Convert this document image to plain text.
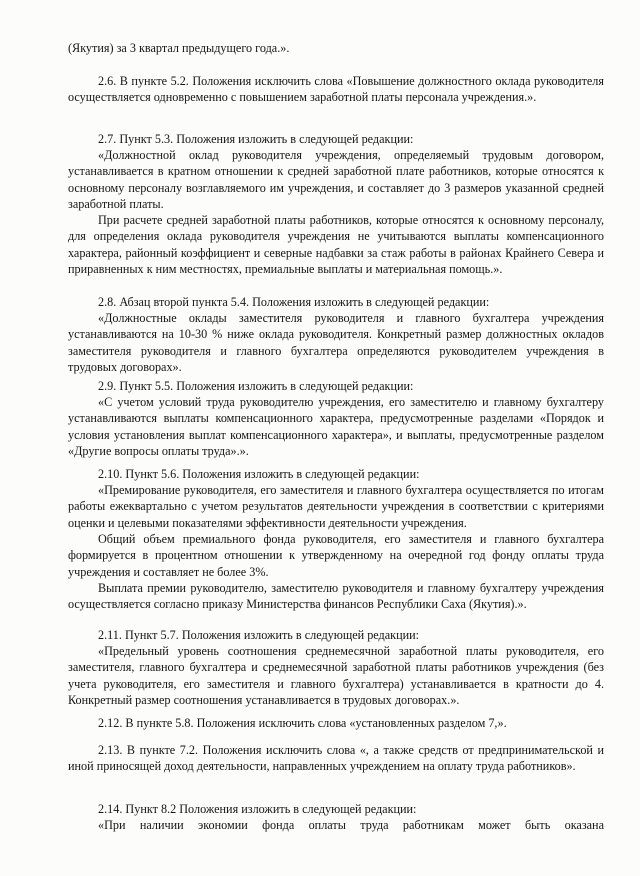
(Якутия) за 3 квартал предыдущего года.».

2.6. В пункте 5.2. Положения исключить слова «Повышение должностного оклада руководителя осуществляется одновременно с повышением заработной платы персонала учреждения.».

2.7. Пункт 5.3. Положения изложить в следующей редакции:

«Должностной оклад руководителя учреждения, определяемый трудовым договором, устанавливается в кратном отношении к средней заработной плате работников, которые относятся к основному персоналу возглавляемого им учреждения, и составляет до 3 размеров указанной средней заработной платы.

При расчете средней заработной платы работников, которые относятся к основному персоналу, для определения оклада руководителя учреждения не учитываются выплаты компенсационного характера, районный коэффициент и северные надбавки за стаж работы в районах Крайнего Севера и приравненных к ним местностях, премиальные выплаты и материальная помощь.».

2.8. Абзац второй пункта 5.4. Положения изложить в следующей редакции:

«Должностные оклады заместителя руководителя и главного бухгалтера учреждения устанавливаются на 10-30 % ниже оклада руководителя. Конкретный размер должностных окладов заместителя руководителя и главного бухгалтера определяются руководителем учреждения в трудовых договорах».

2.9. Пункт 5.5. Положения изложить в следующей редакции:

«С учетом условий труда руководителю учреждения, его заместителю и главному бухгалтеру устанавливаются выплаты компенсационного характера, предусмотренные разделами «Порядок и условия установления выплат компенсационного характера», и выплаты, предусмотренные разделом «Другие вопросы оплаты труда».».

2.10. Пункт 5.6. Положения изложить в следующей редакции:

«Премирование руководителя, его заместителя и главного бухгалтера осуществляется по итогам работы ежеквартально с учетом результатов деятельности учреждения в соответствии с критериями оценки и целевыми показателями эффективности деятельности учреждения.

Общий объем премиального фонда руководителя, его заместителя и главного бухгалтера формируется в процентном отношении к утвержденному на очередной год фонду оплаты труда учреждения и составляет не более 3%.

Выплата премии руководителю, заместителю руководителя и главному бухгалтеру учреждения осуществляется согласно приказу Министерства финансов Республики Саха (Якутия).».

2.11. Пункт 5.7. Положения изложить в следующей редакции:

«Предельный уровень соотношения среднемесячной заработной платы руководителя, его заместителя, главного бухгалтера и среднемесячной заработной платы работников учреждения (без учета руководителя, его заместителя и главного бухгалтера) устанавливается в кратности до 4. Конкретный размер соотношения устанавливается в трудовых договорах.».

2.12. В пункте 5.8. Положения исключить слова «установленных разделом 7,».

2.13. В пункте 7.2. Положения исключить слова «, а также средств от предпринимательской и иной приносящей доход деятельности, направленных учреждением на оплату труда работников».

2.14. Пункт 8.2 Положения изложить в следующей редакции:

«При наличии экономии фонда оплаты труда работникам может быть оказана
